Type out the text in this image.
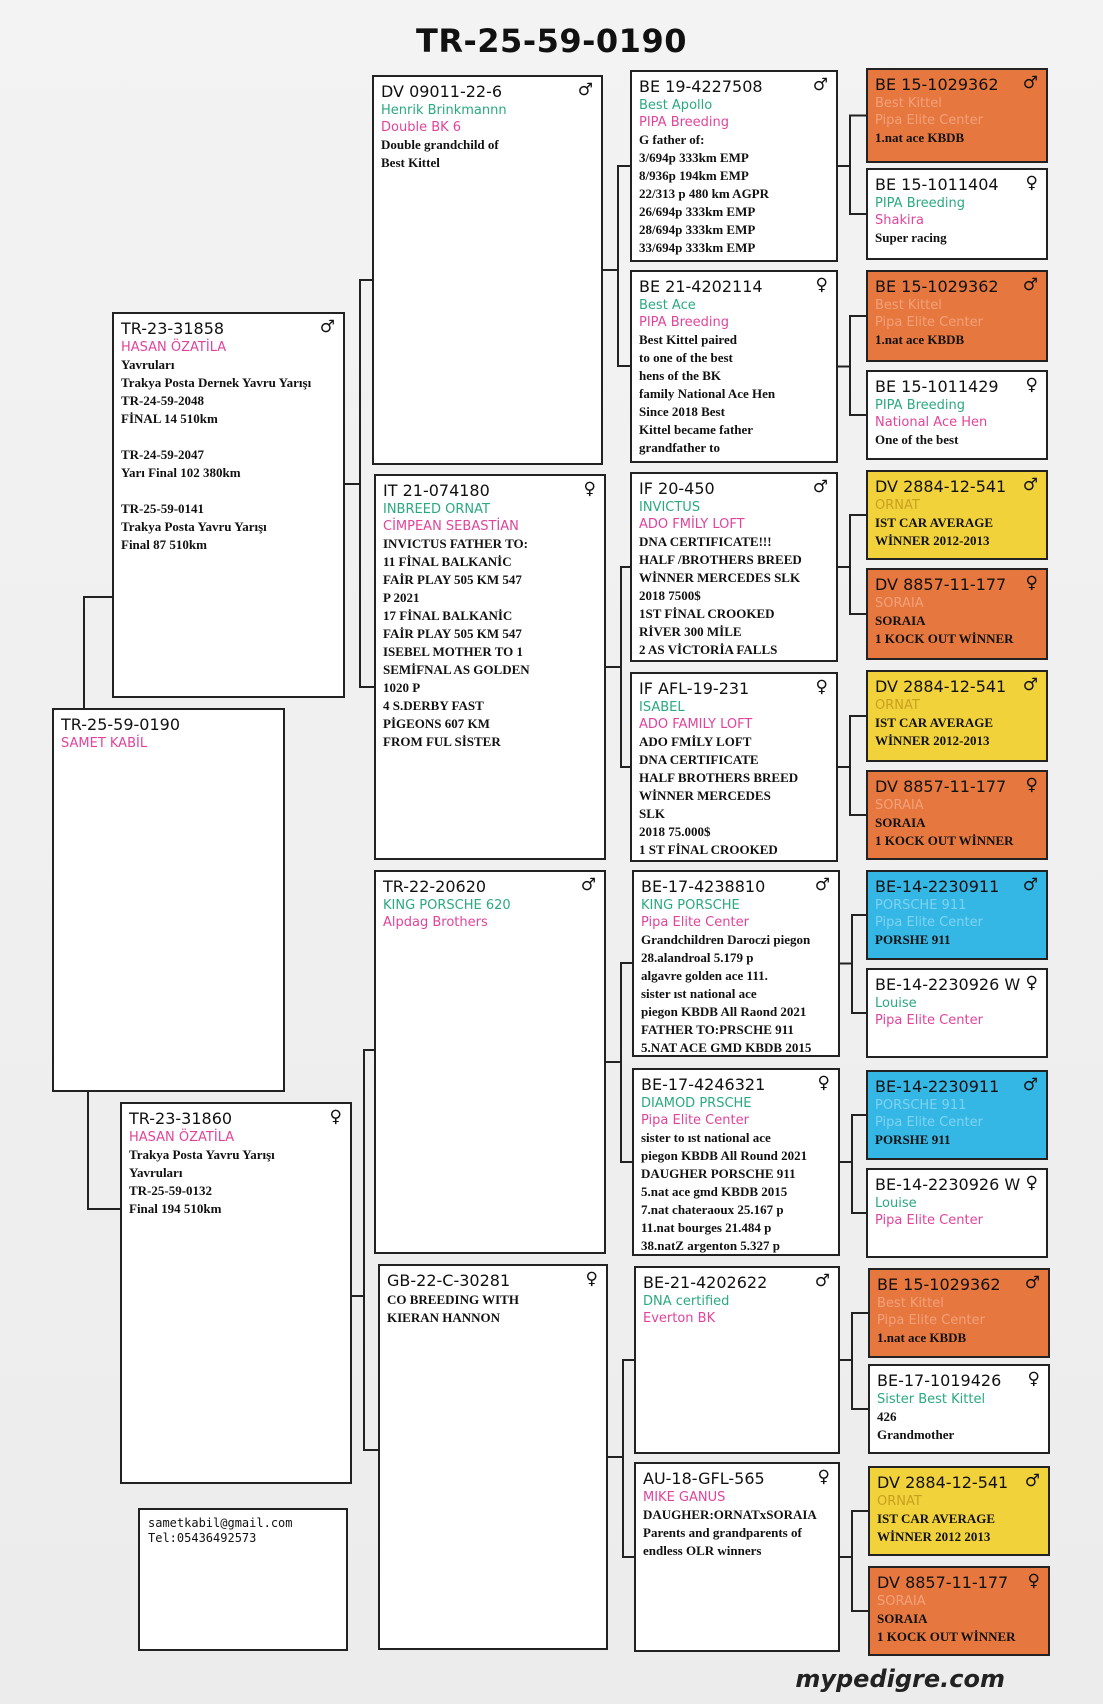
TR-25-59-0190
TR-25-59-0190
SAMET KABİL
♂
TR-23-31858
HASAN ÖZATİLA
Yavruları
Trakya Posta Dernek Yavru Yarışı
TR-24-59-2048
FİNAL 14 510km

TR-24-59-2047
Yarı Final 102 380km

TR-25-59-0141
Trakya Posta Yavru Yarışı
Final 87 510km
♀
TR-23-31860
HASAN ÖZATİLA
Trakya Posta Yavru Yarışı
Yavruları
TR-25-59-0132
Final 194 510km
♂
DV 09011-22-6
Henrik Brinkmannn
Double BK 6
Double grandchild of
Best Kittel
♀
IT 21-074180
INBREED ORNAT
CİMPEAN SEBASTİAN
INVICTUS FATHER TO:
11 FİNAL BALKANİC
FAİR PLAY 505 KM 547
P 2021
17 FİNAL BALKANİC
FAİR PLAY 505 KM 547
ISEBEL MOTHER TO 1
SEMİFNAL AS GOLDEN
1020 P
4 S.DERBY FAST
PİGEONS 607 KM
FROM FUL SİSTER
♂
TR-22-20620
KING PORSCHE 620
Alpdag Brothers
♀
GB-22-C-30281
CO BREEDING WITH
KIERAN HANNON
♂
BE 19-4227508
Best Apollo
PIPA Breeding
G father of:
3/694p 333km EMP
8/936p 194km EMP
22/313 p 480 km AGPR
26/694p 333km EMP
28/694p 333km EMP
33/694p 333km EMP
♀
BE 21-4202114
Best Ace
PIPA Breeding
Best Kittel paired
to one of the best
hens of the BK
family National Ace Hen
Since 2018 Best
Kittel became father
grandfather to
♂
IF 20-450
INVICTUS
ADO FMİLY LOFT
DNA CERTIFICATE!!!
HALF /BROTHERS BREED
WİNNER MERCEDES SLK
2018 7500$
1ST FİNAL CROOKED
RİVER 300 MİLE
2 AS VİCTORİA FALLS
♀
IF AFL-19-231
ISABEL
ADO FAMILY LOFT
ADO FMİLY LOFT
DNA CERTIFICATE
HALF BROTHERS BREED
WİNNER MERCEDES
SLK
2018 75.000$
1 ST FİNAL CROOKED
♂
BE-17-4238810
KING PORSCHE
Pipa Elite Center
Grandchildren Daroczi piegon
28.alandroal 5.179 p
algavre golden ace 111.
sister ıst national ace
piegon KBDB All Raond 2021
FATHER TO:PRSCHE 911
5.NAT ACE GMD KBDB 2015
♀
BE-17-4246321
DIAMOD PRSCHE
Pipa Elite Center
sister to ıst national ace
piegon KBDB All Round 2021
DAUGHER PORSCHE 911
5.nat ace gmd KBDB 2015
7.nat chateraoux 25.167 p
11.nat bourges 21.484 p
38.natZ argenton 5.327 p
♂
BE-21-4202622
DNA certified
Everton BK
♀
AU-18-GFL-565
MIKE GANUS
DAUGHER:ORNATxSORAIA
Parents and grandparents of
endless OLR winners
♂
BE 15-1029362
Best Kittel
Pipa Elite Center
1.nat ace KBDB
♀
BE 15-1011404
PIPA Breeding
Shakira
Super racing
♂
BE 15-1029362
Best Kittel
Pipa Elite Center
1.nat ace KBDB
♀
BE 15-1011429
PIPA Breeding
National Ace Hen
One of the best
♂
DV 2884-12-541
ORNAT
IST CAR AVERAGE
WİNNER 2012-2013
♀
DV 8857-11-177
SORAIA
SORAIA
1 KOCK OUT WİNNER
♂
DV 2884-12-541
ORNAT
IST CAR AVERAGE
WİNNER 2012-2013
♀
DV 8857-11-177
SORAIA
SORAIA
1 KOCK OUT WİNNER
♂
BE-14-2230911
PORSCHE 911
Pipa Elite Center
PORSHE 911
♀
BE-14-2230926 W
Louise
Pipa Elite Center
♂
BE-14-2230911
PORSCHE 911
Pipa Elite Center
PORSHE 911
♀
BE-14-2230926 W
Louise
Pipa Elite Center
♂
BE 15-1029362
Best Kittel
Pipa Elite Center
1.nat ace KBDB
♀
BE-17-1019426
Sister Best Kittel
426
Grandmother
♂
DV 2884-12-541
ORNAT
IST CAR AVERAGE
WİNNER 2012 2013
♀
DV 8857-11-177
SORAIA
SORAIA
1 KOCK OUT WİNNER
sametkabil@gmail.com
Tel:05436492573
mypedigre.com
